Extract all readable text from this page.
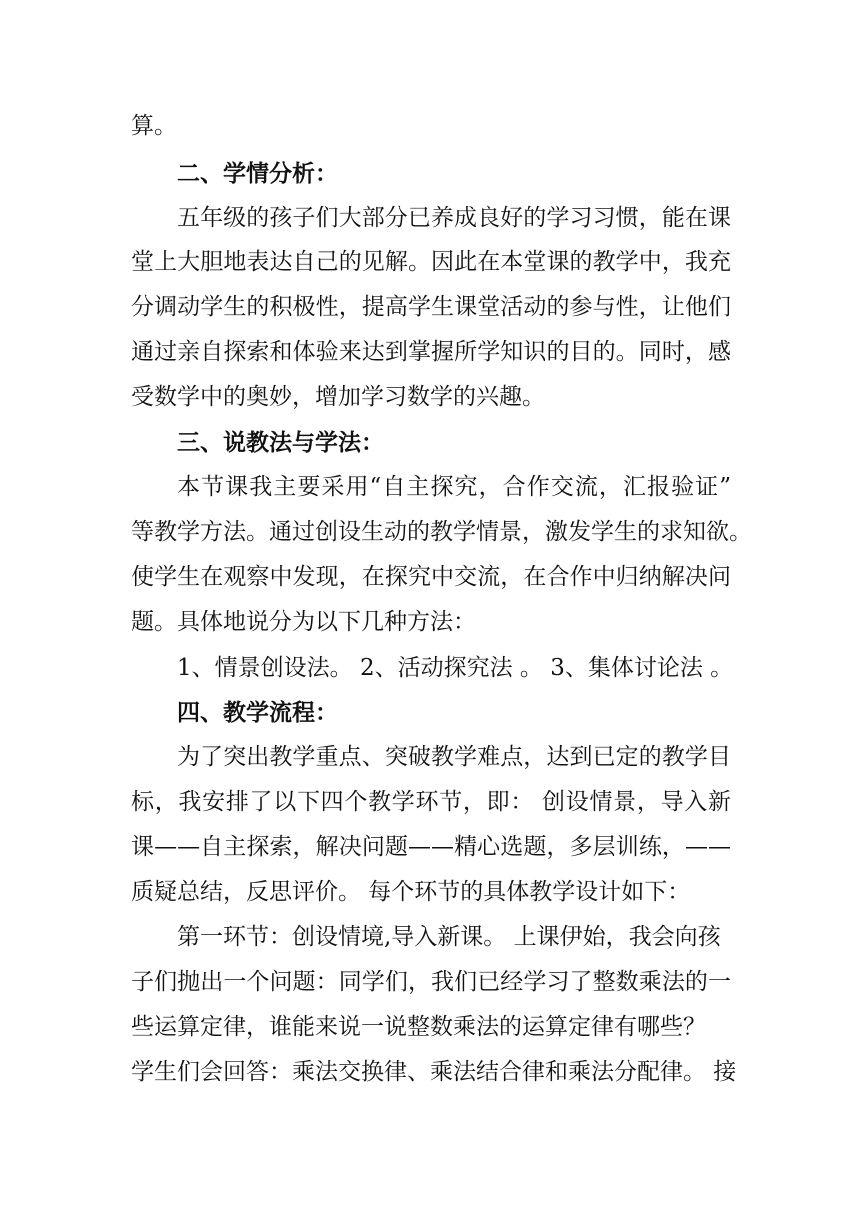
算。
二、学情分析：
五年级的孩子们大部分已养成良好的学习习惯，能在课
堂上大胆地表达自己的见解。因此在本堂课的教学中，我充
分调动学生的积极性，提高学生课堂活动的参与性，让他们
通过亲自探索和体验来达到掌握所学知识的目的。同时，感
受数学中的奥妙，增加学习数学的兴趣。
三、说教法与学法：
本节课我主要采用“自主探究，合作交流，汇报验证”
等教学方法。通过创设生动的教学情景，激发学生的求知欲。
使学生在观察中发现，在探究中交流，在合作中归纳解决问
题。具体地说分为以下几种方法：
1、情景创设法。 2、活动探究法 。 3、集体讨论法 。
四、教学流程：
为了突出教学重点、突破教学难点，达到已定的教学目
标，我安排了以下四个教学环节，即： 创设情景，导入新
课——自主探索，解决问题——精心选题，多层训练，——
质疑总结，反思评价。 每个环节的具体教学设计如下：
第一环节：创设情境,导入新课。 上课伊始，我会向孩
子们抛出一个问题：同学们，我们已经学习了整数乘法的一
些运算定律，谁能来说一说整数乘法的运算定律有哪些？
学生们会回答：乘法交换律、乘法结合律和乘法分配律。 接
